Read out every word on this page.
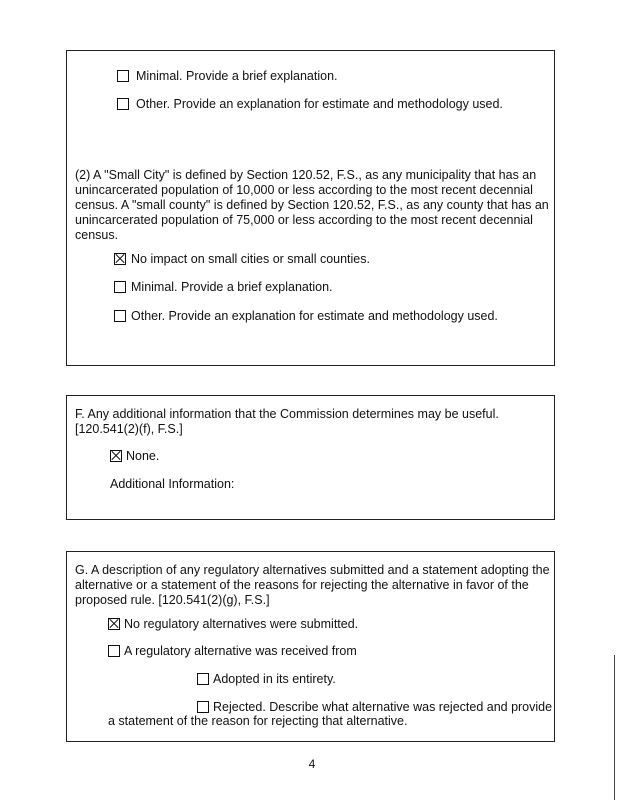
Minimal. Provide a brief explanation.
Other. Provide an explanation for estimate and methodology used.
(2) A "Small City" is defined by Section 120.52, F.S., as any municipality that has an
unincarcerated population of 10,000 or less according to the most recent decennial
census. A "small county" is defined by Section 120.52, F.S., as any county that has an
unincarcerated population of 75,000 or less according to the most recent decennial
census.
No impact on small cities or small counties.
Minimal. Provide a brief explanation.
Other. Provide an explanation for estimate and methodology used.
F. Any additional information that the Commission determines may be useful.
[120.541(2)(f), F.S.]
None.
Additional Information:
G. A description of any regulatory alternatives submitted and a statement adopting the
alternative or a statement of the reasons for rejecting the alternative in favor of the
proposed rule. [120.541(2)(g), F.S.]
No regulatory alternatives were submitted.
A regulatory alternative was received from
Adopted in its entirety.
Rejected. Describe what alternative was rejected and provide
a statement of the reason for rejecting that alternative.
4
